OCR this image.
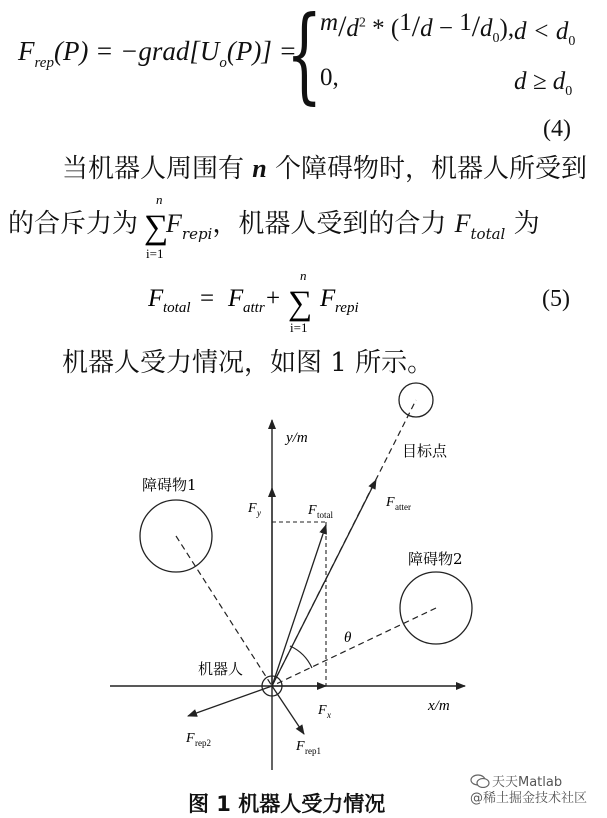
$F_{rep}(P)$ = $-grad[U_o(P)]$ =
{
$m/d^2 * (1/d - 1/d_0)$, $d < d_0$
0,	$d \ge d_0$
(4)
当机器人周围有 n 个障碍物时，机器人所受到
的合斥力为 $F_{repi}$，机器人受到的合力 $F_{total}$ 为
n
∑
i=1
F total = F attr +
n
∑
i=1
F repi	(5)
机器人受力情况，如图 1 所示。
y/m
x/m
障碍物1
障碍物2
目标点
机器人
θ
F y
F x
F total
F atter
F rep2	F rep1
图 1 机器人受力情况
天天Matlab
@稀土掘金技术社区
